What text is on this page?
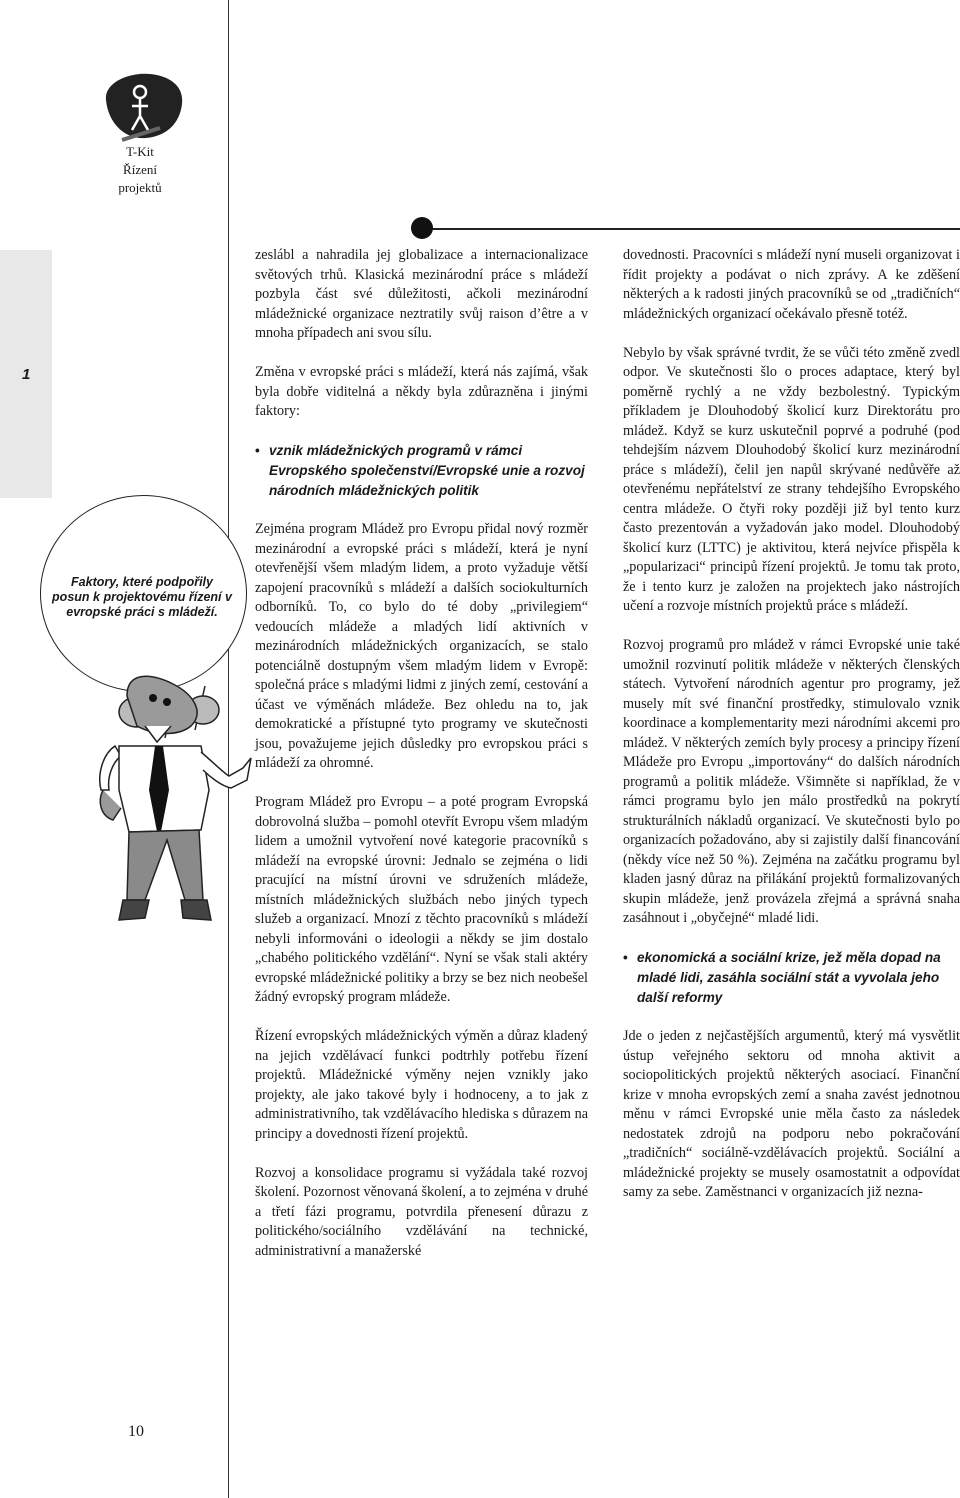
T-Kit
Řízení
projektů
1
Faktory, které podpořily posun k projektovému řízení v evropské práci s mládeží.

zeslábl a nahradila jej globalizace a internacionalizace světových trhů. Klasická mezinárodní práce s mládeží pozbyla část své důležitosti, ačkoli mezinárodní mládežnické organizace neztratily svůj raison d’être a v mnoha případech ani svou sílu.

Změna v evropské práci s mládeží, která nás zajímá, však byla dobře viditelná a někdy byla zdůrazněna i jinými faktory:

• vznik mládežnických programů v rámci Evropského společenství/Evropské unie a rozvoj národních mládežnických politik

Zejména program Mládež pro Evropu přidal nový rozměr mezinárodní a evropské práci s mládeží, která je nyní otevřenější všem mladým lidem, a proto vyžaduje větší zapojení pracovníků s mládeží a dalších sociokulturních odborníků. To, co bylo do té doby „privilegiem“ vedoucích mládeže a mladých lidí aktivních v mezinárodních mládežnických organizacích, se stalo potenciálně dostupným všem mladým lidem v Evropě: společná práce s mladými lidmi z jiných zemí, cestování a účast ve výměnách mládeže. Bez ohledu na to, jak demokratické a přístupné tyto programy ve skutečnosti jsou, považujeme jejich důsledky pro evropskou práci s mládeží za ohromné.

Program Mládež pro Evropu – a poté program Evropská dobrovolná služba – pomohl otevřít Evropu všem mladým lidem a umožnil vytvoření nové kategorie pracovníků s mládeží na evropské úrovni: Jednalo se zejména o lidi pracující na místní úrovni ve sdruženích mládeže, místních mládežnických službách nebo jiných typech služeb a organizací. Mnozí z těchto pracovníků s mládeží nebyli informováni o ideologii a někdy se jim dostalo „chabého politického vzdělání“. Nyní se však stali aktéry evropské mládežnické politiky a brzy se bez nich neobešel žádný evropský program mládeže.

Řízení evropských mládežnických výměn a důraz kladený na jejich vzdělávací funkci podtrhly potřebu řízení projektů. Mládežnické výměny nejen vznikly jako projekty, ale jako takové byly i hodnoceny, a to jak z administrativního, tak vzdělávacího hlediska s důrazem na principy a dovednosti řízení projektů.

Rozvoj a konsolidace programu si vyžádala také rozvoj školení. Pozornost věnovaná školení, a to zejména v druhé a třetí fázi programu, potvrdila přenesení důrazu z politického/sociálního vzdělávání na technické, administrativní a manažerské

dovednosti. Pracovníci s mládeží nyní museli organizovat i řídit projekty a podávat o nich zprávy. A ke zděšení některých a k radosti jiných pracovníků se od „tradičních“ mládežnických organizací očekávalo přesně totéž.

Nebylo by však správné tvrdit, že se vůči této změně zvedl odpor. Ve skutečnosti šlo o proces adaptace, který byl poměrně rychlý a ne vždy bezbolestný. Typickým příkladem je Dlouhodobý školicí kurz Direktorátu pro mládež. Když se kurz uskutečnil poprvé a podruhé (pod tehdejším názvem Dlouhodobý školicí kurz mezinárodní práce s mládeží), čelil jen napůl skrývané nedůvěře až otevřenému nepřátelství ze strany tehdejšího Evropského centra mládeže. O čtyři roky později již byl tento kurz často prezentován a vyžadován jako model. Dlouhodobý školicí kurz (LTTC) je aktivitou, která nejvíce přispěla k „popularizaci“ principů řízení projektů. Je tomu tak proto, že i tento kurz je založen na projektech jako nástrojích učení a rozvoje místních projektů práce s mládeží.

Rozvoj programů pro mládež v rámci Evropské unie také umožnil rozvinutí politik mládeže v některých členských státech. Vytvoření národních agentur pro programy, jež musely mít své finanční prostředky, stimulovalo vznik koordinace a komplementarity mezi národními akcemi pro mládež. V některých zemích byly procesy a principy řízení Mládeže pro Evropu „importovány“ do dalších národních programů a politik mládeže. Všimněte si například, že v rámci programu bylo jen málo prostředků na pokrytí strukturálních nákladů organizací. Ve skutečnosti bylo po organizacích požadováno, aby si zajistily další financování (někdy více než 50 %). Zejména na začátku programu byl kladen jasný důraz na přilákání projektů formalizovaných skupin mládeže, jenž provázela zřejmá a správná snaha zasáhnout i „obyčejné“ mladé lidi.

• ekonomická a sociální krize, jež měla dopad na mladé lidi, zasáhla sociální stát a vyvolala jeho další reformy

Jde o jeden z nejčastějších argumentů, který má vysvětlit ústup veřejného sektoru od mnoha aktivit a sociopolitických projektů některých asociací. Finanční krize v mnoha evropských zemí a snaha zavést jednotnou měnu v rámci Evropské unie měla často za následek nedostatek zdrojů na podporu nebo pokračování „tradičních“ sociálně-vzdělávacích projektů. Sociální a mládežnické projekty se musely osamostatnit a odpovídat samy za sebe. Zaměstnanci v organizacích již nezna-

10
